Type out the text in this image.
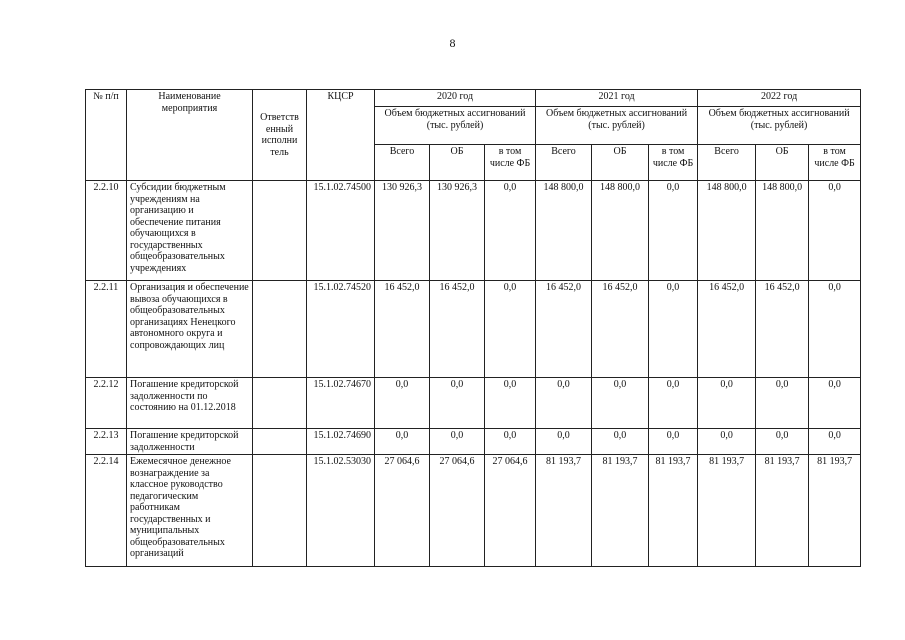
8
№ п/п	Наименование мероприятия	Ответств енный исполни тель	КЦСР	2020 год			2021 год			2022 год		
				Объем бюджетных ассигнований (тыс. рублей)			Объем бюджетных ассигнований (тыс. рублей)			Объем бюджетных ассигнований (тыс. рублей)		
				Всего	ОБ	в том числе ФБ	Всего	ОБ	в том числе ФБ	Всего	ОБ	в том числе ФБ
2.2.10	Субсидии бюджетным учреждениям на организацию и обеспечение питания обучающихся в государственных общеобразовательных учреждениях		15.1.02.74500	130 926,3	130 926,3	0,0	148 800,0	148 800,0	0,0	148 800,0	148 800,0	0,0
2.2.11	Организация и обеспечение вывоза обучающихся в общеобразовательных организациях Ненецкого автономного округа и сопровождающих лиц		15.1.02.74520	16 452,0	16 452,0	0,0	16 452,0	16 452,0	0,0	16 452,0	16 452,0	0,0
2.2.12	Погашение кредиторской задолженности по состоянию на 01.12.2018		15.1.02.74670	0,0	0,0	0,0	0,0	0,0	0,0	0,0	0,0	0,0
2.2.13	Погашение кредиторской задолженности		15.1.02.74690	0,0	0,0	0,0	0,0	0,0	0,0	0,0	0,0	0,0
2.2.14	Ежемесячное денежное вознаграждение за классное руководство педагогическим работникам государственных и муниципальных общеобразовательных организаций		15.1.02.53030	27 064,6	27 064,6	27 064,6	81 193,7	81 193,7	81 193,7	81 193,7	81 193,7	81 193,7
